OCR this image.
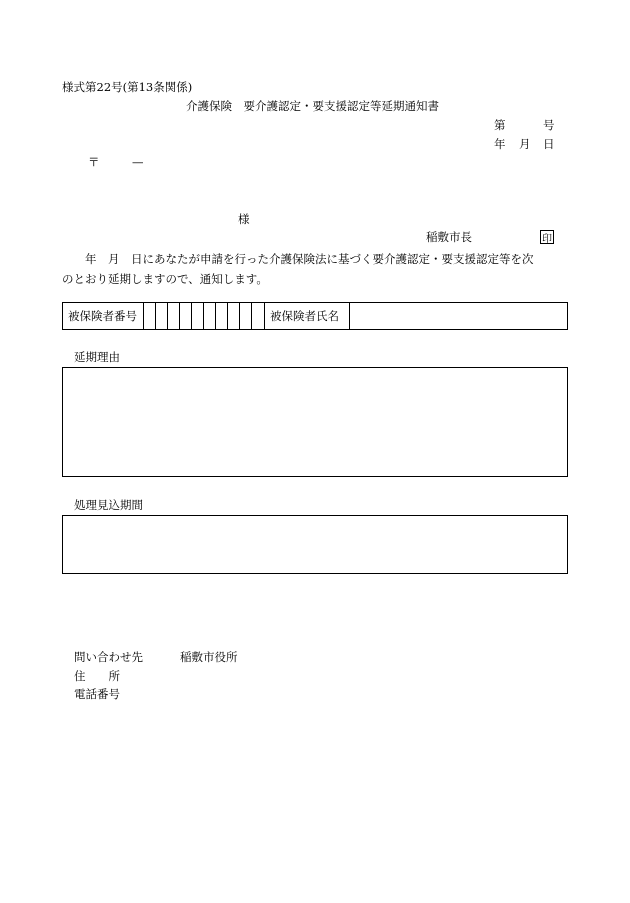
様式第22号(第13条関係)
介護保険　要介護認定・要支援認定等延期通知書
第	号
年 月 日
〒	—
様
稲敷市長	印
　　年　月　日にあなたが申請を行った介護保険法に基づく要介護認定・要支援認定等を次
のとおり延期しますので、通知します。
被保険者番号	被保険者氏名
延期理由
処理見込期間
問い合わせ先	稲敷市役所
住　　所
電話番号
